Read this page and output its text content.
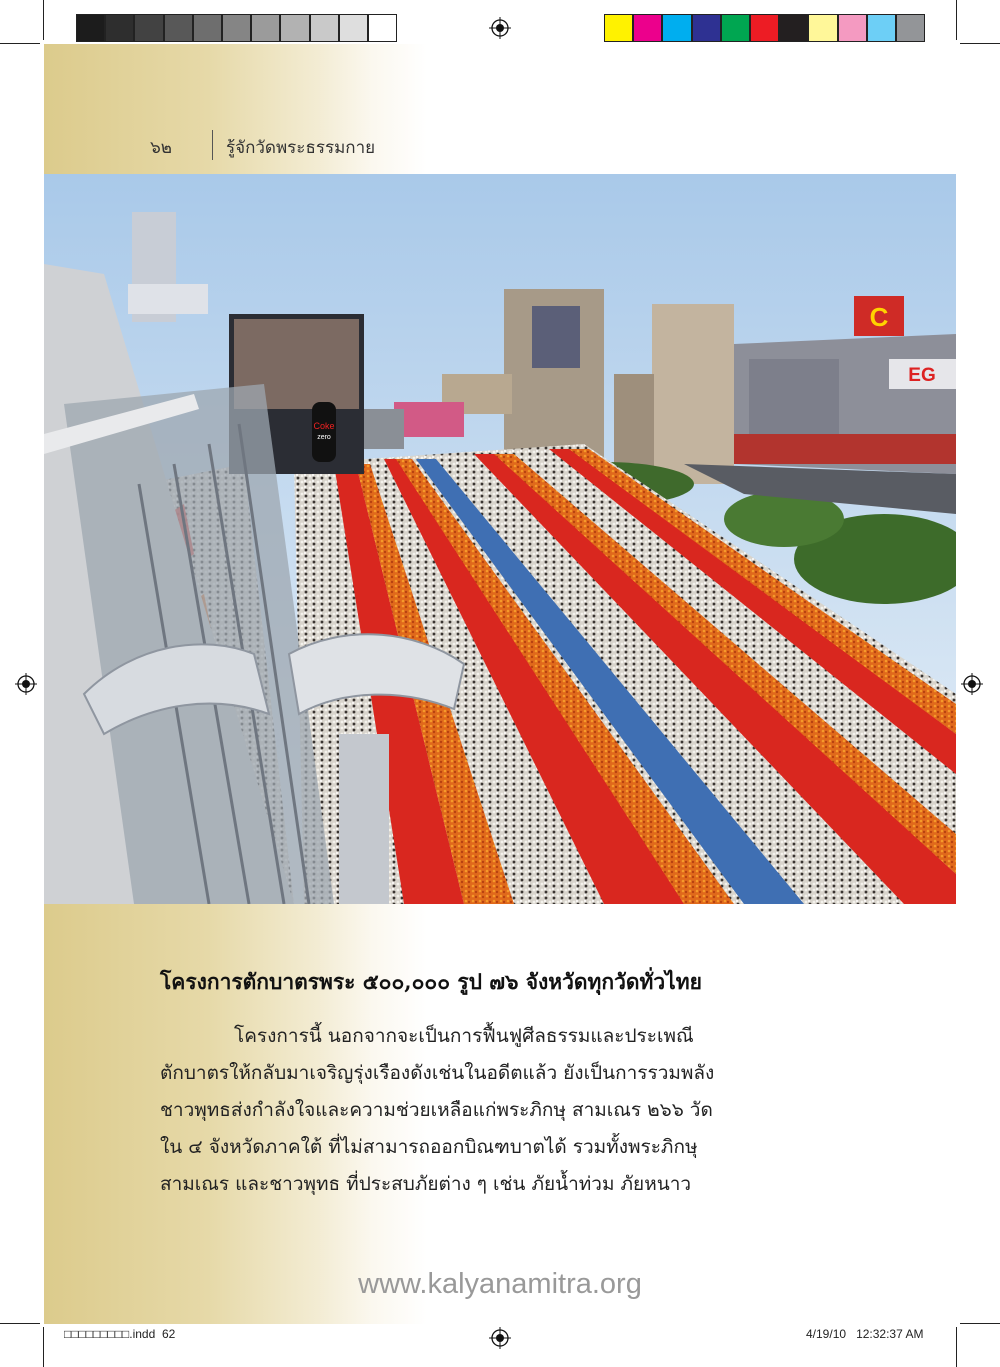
๖๒	รู้จักวัดพระธรรมกาย
C
EG
Coke
zero
โครงการตักบาตรพระ ๕๐๐,๐๐๐ รูป ๗๖ จังหวัดทุกวัดทั่วไทย
โครงการนี้ นอกจากจะเป็นการฟื้นฟูศีลธรรมและประเพณี
ตักบาตรให้กลับมาเจริญรุ่งเรืองดังเช่นในอดีตแล้ว ยังเป็นการรวมพลัง
ชาวพุทธส่งกำลังใจและความช่วยเหลือแก่พระภิกษุ สามเณร ๒๖๖ วัด
ใน ๔ จังหวัดภาคใต้ ที่ไม่สามารถออกบิณฑบาตได้ รวมทั้งพระภิกษุ
สามเณร และชาวพุทธ ที่ประสบภัยต่าง ๆ เช่น ภัยน้ำท่วม ภัยหนาว
www.kalyanamitra.org
□□□□□□□□□.indd 62	4/19/10 12:32:37 AM
